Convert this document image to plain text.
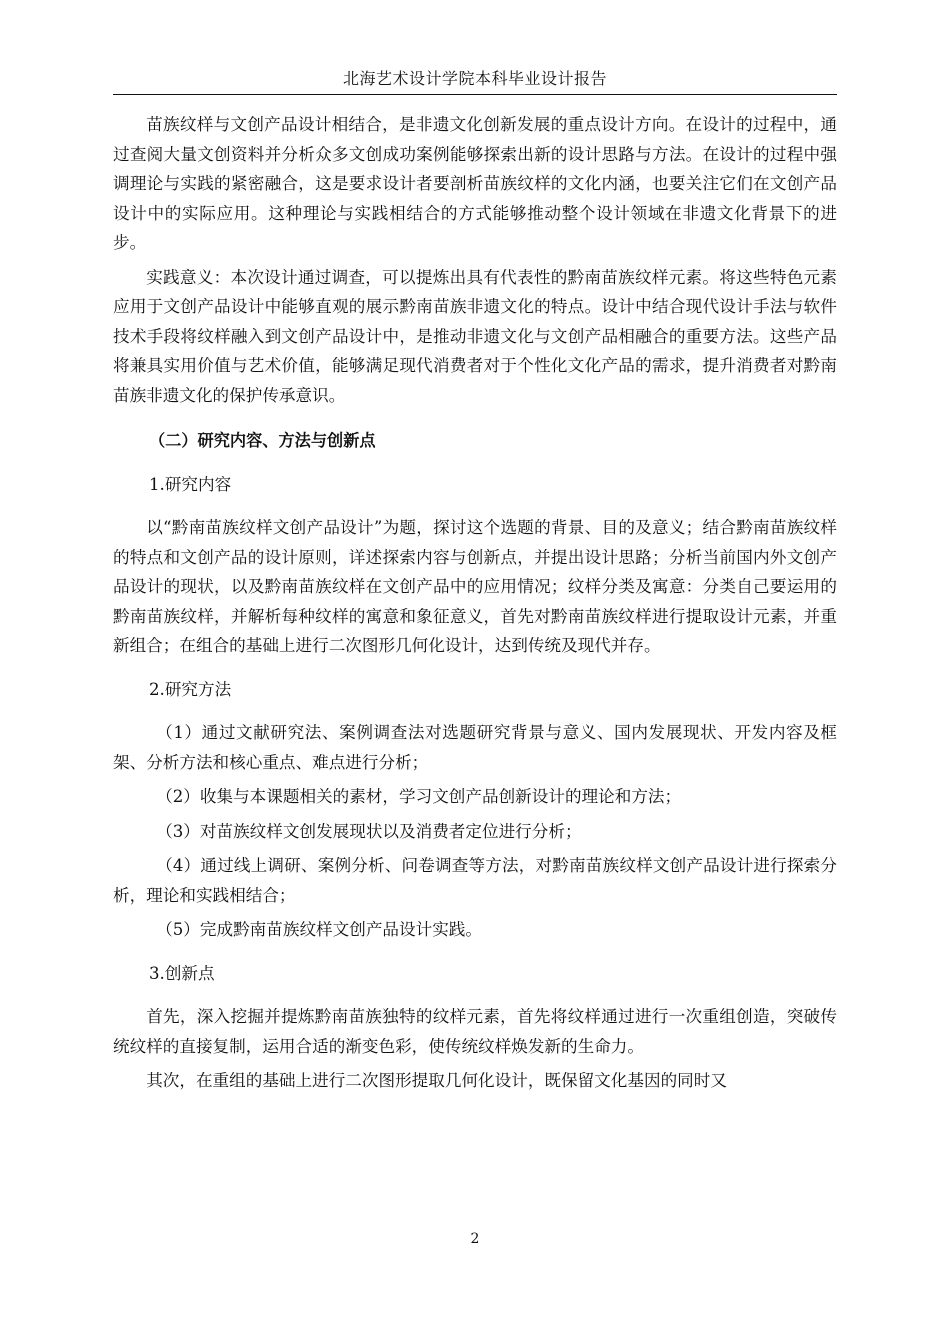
北海艺术设计学院本科毕业设计报告

苗族纹样与文创产品设计相结合，是非遗文化创新发展的重点设计方向。在设计的过程中，通过查阅大量文创资料并分析众多文创成功案例能够探索出新的设计思路与方法。在设计的过程中强调理论与实践的紧密融合，这是要求设计者要剖析苗族纹样的文化内涵，也要关注它们在文创产品设计中的实际应用。这种理论与实践相结合的方式能够推动整个设计领域在非遗文化背景下的进步。

实践意义：本次设计通过调查，可以提炼出具有代表性的黔南苗族纹样元素。将这些特色元素应用于文创产品设计中能够直观的展示黔南苗族非遗文化的特点。设计中结合现代设计手法与软件技术手段将纹样融入到文创产品设计中，是推动非遗文化与文创产品相融合的重要方法。这些产品将兼具实用价值与艺术价值，能够满足现代消费者对于个性化文化产品的需求，提升消费者对黔南苗族非遗文化的保护传承意识。

（二）研究内容、方法与创新点

1.研究内容

以“黔南苗族纹样文创产品设计”为题，探讨这个选题的背景、目的及意义；结合黔南苗族纹样的特点和文创产品的设计原则，详述探索内容与创新点，并提出设计思路；分析当前国内外文创产品设计的现状，以及黔南苗族纹样在文创产品中的应用情况；纹样分类及寓意：分类自己要运用的黔南苗族纹样，并解析每种纹样的寓意和象征意义，首先对黔南苗族纹样进行提取设计元素，并重新组合；在组合的基础上进行二次图形几何化设计，达到传统及现代并存。

2.研究方法

（1）通过文献研究法、案例调查法对选题研究背景与意义、国内发展现状、开发内容及框架、分析方法和核心重点、难点进行分析；

（2）收集与本课题相关的素材，学习文创产品创新设计的理论和方法；

（3）对苗族纹样文创发展现状以及消费者定位进行分析；

（4）通过线上调研、案例分析、问卷调查等方法，对黔南苗族纹样文创产品设计进行探索分析，理论和实践相结合；

（5）完成黔南苗族纹样文创产品设计实践。

3.创新点

首先，深入挖掘并提炼黔南苗族独特的纹样元素，首先将纹样通过进行一次重组创造，突破传统纹样的直接复制，运用合适的渐变色彩，使传统纹样焕发新的生命力。

其次，在重组的基础上进行二次图形提取几何化设计，既保留文化基因的同时又

2
